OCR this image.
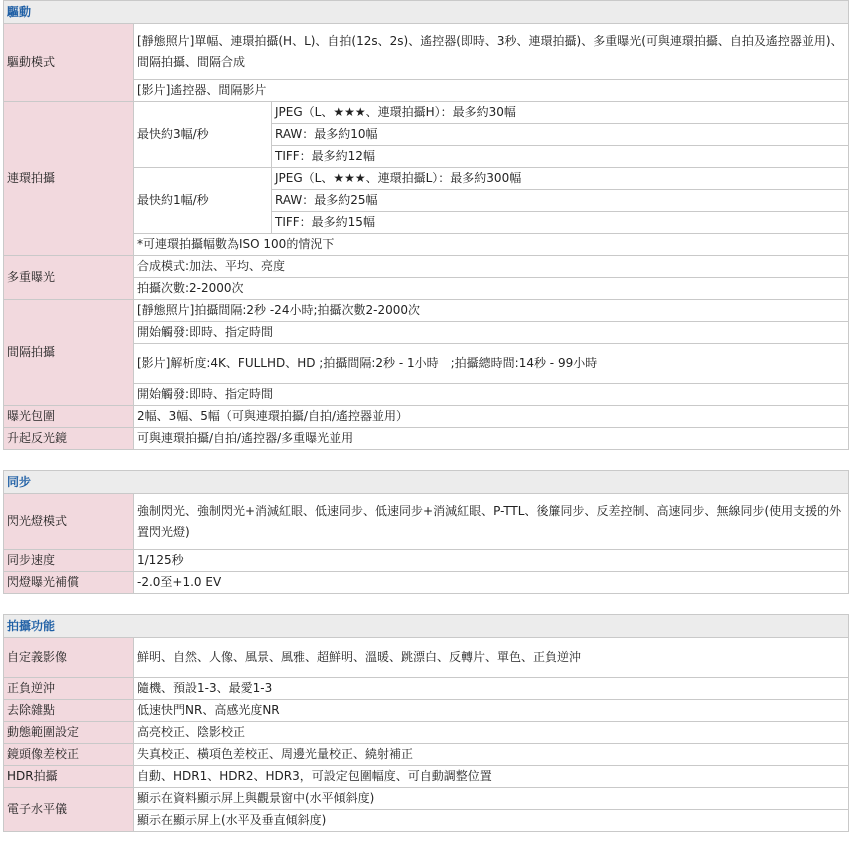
驅動		
驅動模式	[靜態照片]單幅、連環拍攝(H、L)、自拍(12s、2s)、遙控器(即時、3秒、連環拍攝)、多重曝光(可與連環拍攝、自拍及遙控器並用)、間隔拍攝、間隔合成	
	[影片]遙控器、間隔影片	
連環拍攝	最快約3幅/秒	JPEG（L、★★★、連環拍攝H）：最多約30幅
		RAW：最多約10幅
		TIFF：最多約12幅
	最快約1幅/秒	JPEG（L、★★★、連環拍攝L）：最多約300幅
		RAW：最多約25幅
		TIFF：最多約15幅
	*可連環拍攝幅數為ISO 100的情況下	
多重曝光	合成模式:加法、平均、亮度	
	拍攝次數:2-2000次	
間隔拍攝	[靜態照片]拍攝間隔:2秒 -24小時;拍攝次數2-2000次	
	開始觸發:即時、指定時間	
	[影片]解析度:4K、FULLHD、HD ;拍攝間隔:2秒 - 1小時　;拍攝總時間:14秒 - 99小時	
	開始觸發:即時、指定時間	
曝光包圍	2幅、3幅、5幅（可與連環拍攝/自拍/遙控器並用）	
升起反光鏡	可與連環拍攝/自拍/遙控器/多重曝光並用	

同步		
閃光燈模式	強制閃光、強制閃光+消減紅眼、低速同步、低速同步+消減紅眼、P-TTL、後簾同步、反差控制、高速同步、無線同步(使用支援的外置閃光燈)	
同步速度	1/125秒	
閃燈曝光補償	-2.0至+1.0 EV	

拍攝功能		
自定義影像	鮮明、自然、人像、風景、風雅、超鮮明、溫暖、跳漂白、反轉片、單色、正負逆沖	
正負逆沖	隨機、預設1-3、最愛1-3	
去除雜點	低速快門NR、高感光度NR	
動態範圍設定	高亮校正、陰影校正	
鏡頭像差校正	失真校正、橫項色差校正、周邊光量校正、繞射補正	
HDR拍攝	自動、HDR1、HDR2、HDR3，可設定包圍幅度、可自動調整位置	
電子水平儀	顯示在資料顯示屏上與觀景窗中(水平傾斜度)	
	顯示在顯示屏上(水平及垂直傾斜度)	
